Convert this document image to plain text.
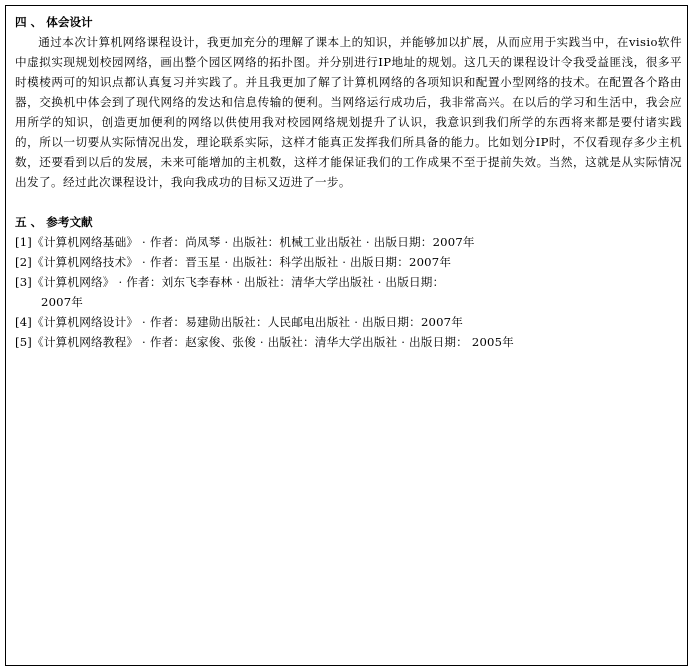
四 、 体会设计

通过本次计算机网络课程设计，我更加充分的理解了课本上的知识，并能够加以扩展，从而应用于实践当中，在visio软件中虚拟实现规划校园网络，画出整个园区网络的拓扑图。并分别进行IP地址的规划。这几天的课程设计令我受益匪浅，很多平时模棱两可的知识点都认真复习并实践了。并且我更加了解了计算机网络的各项知识和配置小型网络的技术。在配置各个路由器，交换机中体会到了现代网络的发达和信息传输的便利。当网络运行成功后，我非常高兴。在以后的学习和生活中，我会应用所学的知识，创造更加便利的网络以供使用我对校园网络规划提升了认识，我意识到我们所学的东西将来都是要付诸实践的，所以一切要从实际情况出发，理论联系实际，这样才能真正发挥我们所具备的能力。比如划分IP时，不仅看现存多少主机数，还要看到以后的发展，未来可能增加的主机数，这样才能保证我们的工作成果不至于提前失效。当然，这就是从实际情况出发了。经过此次课程设计，我向我成功的目标又迈进了一步。

五 、 参考文献
[1]《计算机网络基础》 · 作者：尚凤琴 · 出版社：机械工业出版社 · 出版日期：2007年
[2]《计算机网络技术》 · 作者：晋玉星 · 出版社：科学出版社 · 出版日期：2007年
[3]《计算机网络》 · 作者：刘东飞李春林 · 出版社：清华大学出版社 · 出版日期：
2007年
[4]《计算机网络设计》 · 作者：易建勋出版社：人民邮电出版社 · 出版日期：2007年
[5]《计算机网络教程》 · 作者：赵家俊、张俊 · 出版社：清华大学出版社 · 出版日期： 2005年
